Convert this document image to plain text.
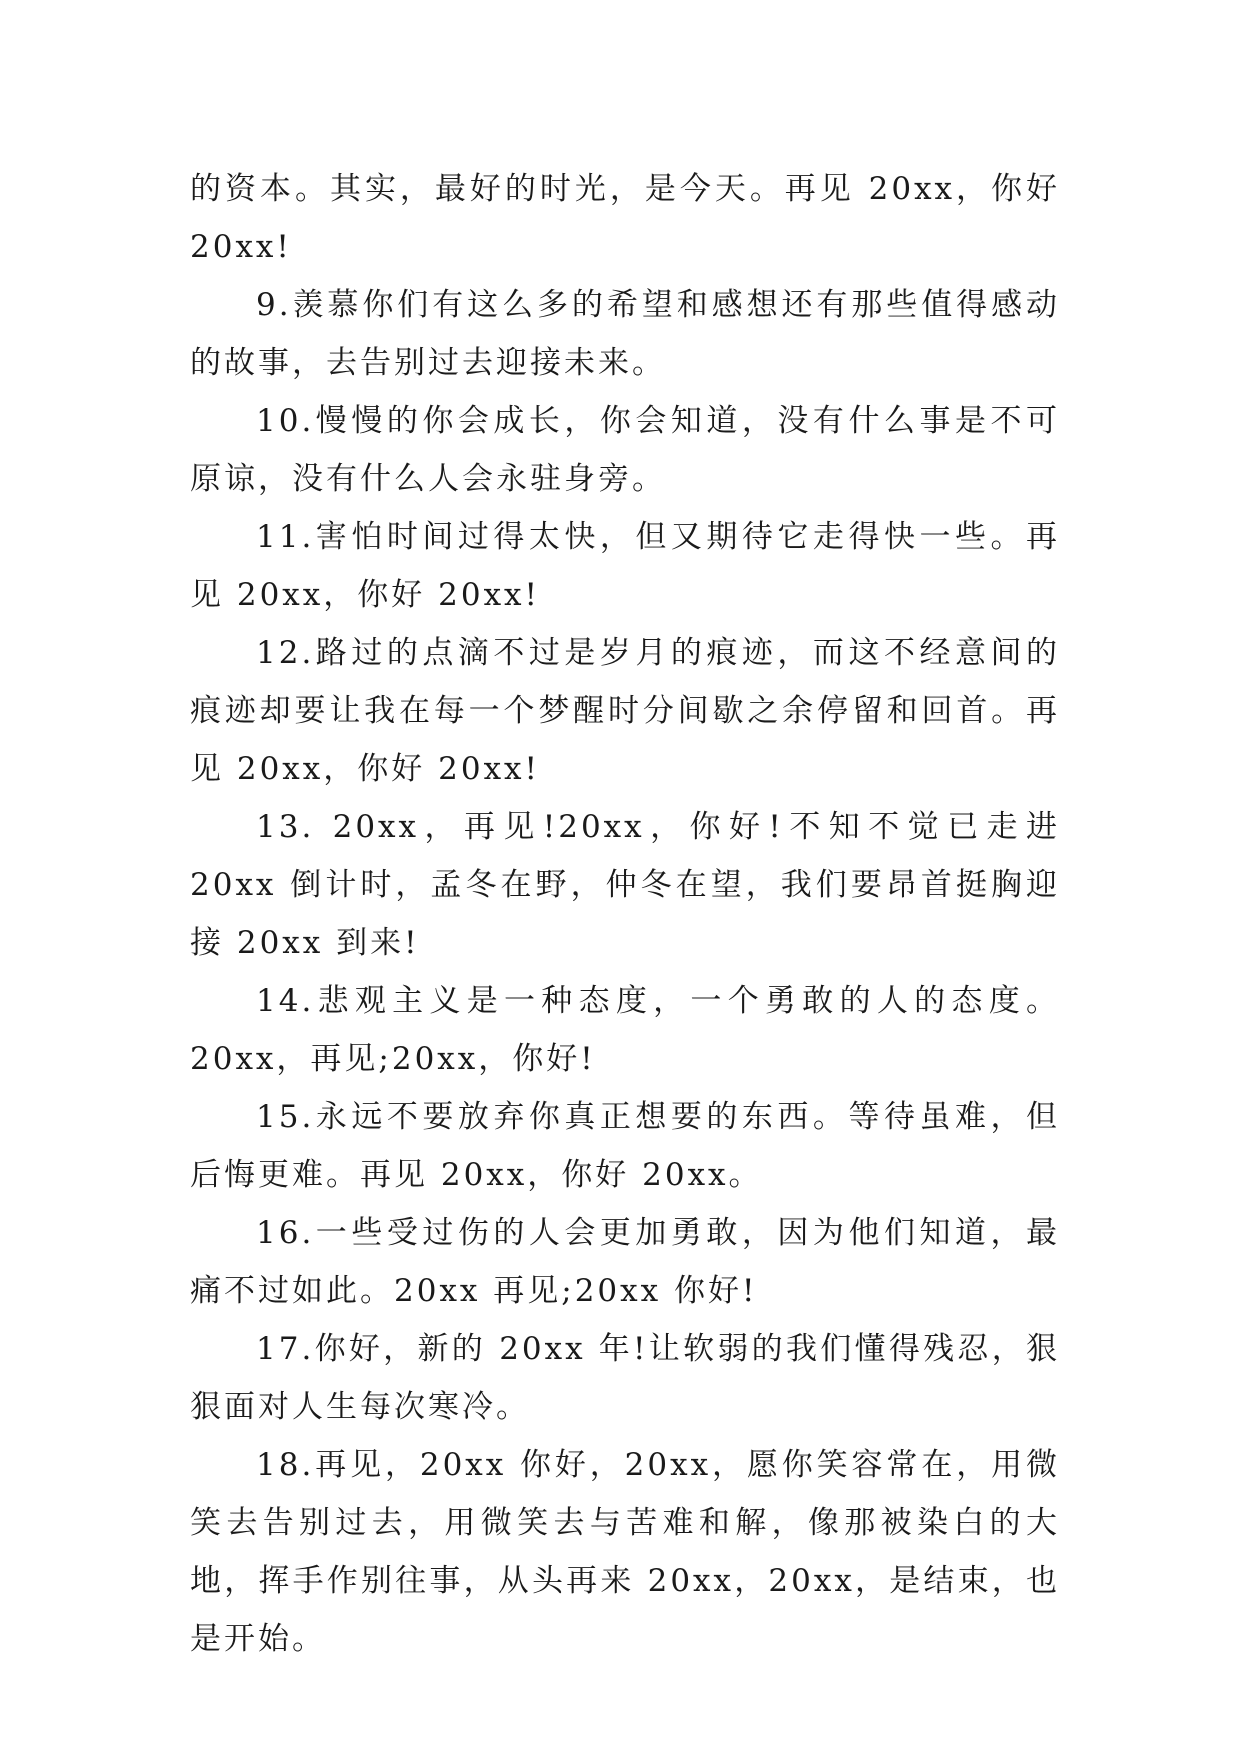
的资本。其实，最好的时光，是今天。再见 20xx，你好 20xx!

9.羡慕你们有这么多的希望和感想还有那些值得感动的故事，去告别过去迎接未来。

10.慢慢的你会成长，你会知道，没有什么事是不可原谅，没有什么人会永驻身旁。

11.害怕时间过得太快，但又期待它走得快一些。再见 20xx，你好 20xx!

12.路过的点滴不过是岁月的痕迹，而这不经意间的痕迹却要让我在每一个梦醒时分间歇之余停留和回首。再见 20xx，你好 20xx!

13. 20xx，再见!20xx，你好!不知不觉已走进 20xx 倒计时，孟冬在野，仲冬在望，我们要昂首挺胸迎接 20xx 到来!

14.悲观主义是一种态度，一个勇敢的人的态度。20xx，再见;20xx，你好!

15.永远不要放弃你真正想要的东西。等待虽难，但后悔更难。再见 20xx，你好 20xx。

16.一些受过伤的人会更加勇敢，因为他们知道，最痛不过如此。20xx 再见;20xx 你好!

17.你好，新的 20xx 年!让软弱的我们懂得残忍，狠狠面对人生每次寒冷。

18.再见，20xx 你好，20xx，愿你笑容常在，用微笑去告别过去，用微笑去与苦难和解，像那被染白的大地，挥手作别往事，从头再来 20xx，20xx，是结束，也是开始。
